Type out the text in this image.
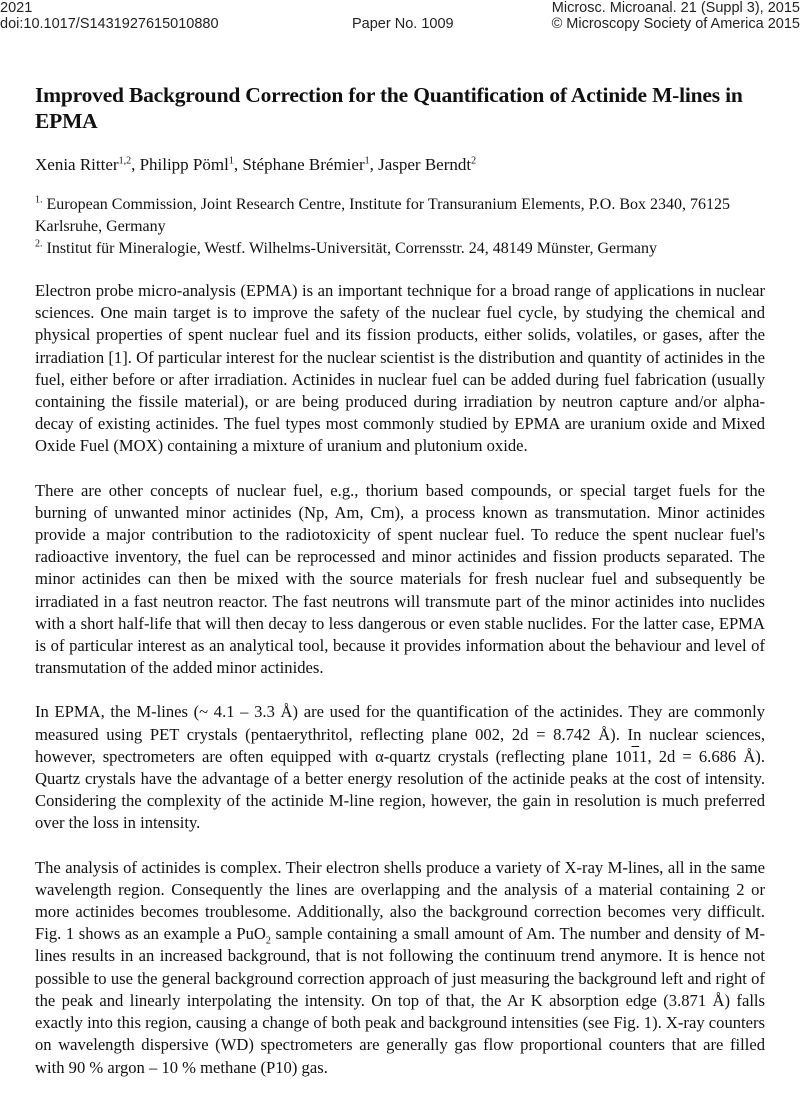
2021
doi:10.1017/S1431927615010880	Paper No. 1009
Microsc. Microanal. 21 (Suppl 3), 2015
© Microscopy Society of America 2015
Improved Background Correction for the Quantification of Actinide M-lines in EPMA
Xenia Ritter$^{1,2}$, Philipp Pöml$^1$, Stéphane Brémier$^1$, Jasper Berndt$^2$
$^{1.}$ European Commission, Joint Research Centre, Institute for Transuranium Elements, P.O. Box 2340, 76125 Karlsruhe, Germany
$^{2.}$ Institut für Mineralogie, Westf. Wilhelms-Universität, Corrensstr. 24, 48149 Münster, Germany

Electron probe micro-analysis (EPMA) is an important technique for a broad range of applications in nuclear sciences. One main target is to improve the safety of the nuclear fuel cycle, by studying the chemical and physical properties of spent nuclear fuel and its fission products, either solids, volatiles, or gases, after the irradiation [1]. Of particular interest for the nuclear scientist is the distribution and quantity of actinides in the fuel, either before or after irradiation. Actinides in nuclear fuel can be added during fuel fabrication (usually containing the fissile material), or are being produced during irradiation by neutron capture and/or alpha-decay of existing actinides. The fuel types most commonly studied by EPMA are uranium oxide and Mixed Oxide Fuel (MOX) containing a mixture of uranium and plutonium oxide.

There are other concepts of nuclear fuel, e.g., thorium based compounds, or special target fuels for the burning of unwanted minor actinides (Np, Am, Cm), a process known as transmutation. Minor actinides provide a major contribution to the radiotoxicity of spent nuclear fuel. To reduce the spent nuclear fuel's radioactive inventory, the fuel can be reprocessed and minor actinides and fission products separated. The minor actinides can then be mixed with the source materials for fresh nuclear fuel and subsequently be irradiated in a fast neutron reactor. The fast neutrons will transmute part of the minor actinides into nuclides with a short half-life that will then decay to less dangerous or even stable nuclides. For the latter case, EPMA is of particular interest as an analytical tool, because it provides information about the behaviour and level of transmutation of the added minor actinides.

In EPMA, the M-lines (~ 4.1 – 3.3 Å) are used for the quantification of the actinides. They are commonly measured using PET crystals (pentaerythritol, reflecting plane 002, 2d = 8.742 Å). In nuclear sciences, however, spectrometers are often equipped with α-quartz crystals (reflecting plane 1011, 2d = 6.686 Å). Quartz crystals have the advantage of a better energy resolution of the actinide peaks at the cost of intensity. Considering the complexity of the actinide M-line region, however, the gain in resolution is much preferred over the loss in intensity.

The analysis of actinides is complex. Their electron shells produce a variety of X-ray M-lines, all in the same wavelength region. Consequently the lines are overlapping and the analysis of a material containing 2 or more actinides becomes troublesome. Additionally, also the background correction becomes very difficult. Fig. 1 shows as an example a PuO$_2$ sample containing a small amount of Am. The number and density of M-lines results in an increased background, that is not following the continuum trend anymore. It is hence not possible to use the general background correction approach of just measuring the background left and right of the peak and linearly interpolating the intensity. On top of that, the Ar K absorption edge (3.871 Å) falls exactly into this region, causing a change of both peak and background intensities (see Fig. 1). X-ray counters on wavelength dispersive (WD) spectrometers are generally gas flow proportional counters that are filled with 90 % argon – 10 % methane (P10) gas.
